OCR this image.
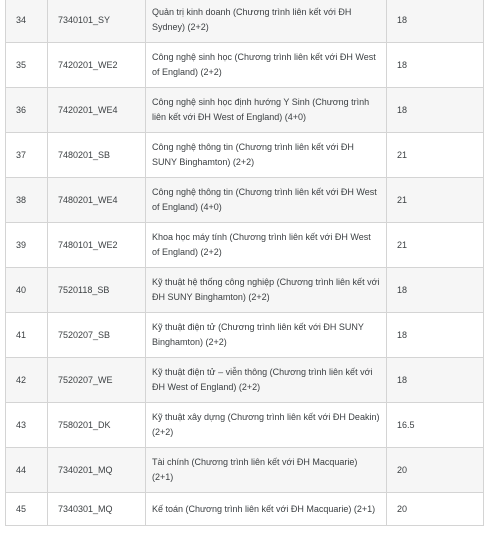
34	7340101_SY	Quản trị kinh doanh (Chương trình liên kết với ĐH Sydney) (2+2)	18
35	7420201_WE2	Công nghệ sinh học (Chương trình liên kết với ĐH West of England) (2+2)	18
36	7420201_WE4	Công nghệ sinh học định hướng Y Sinh (Chương trình liên kết với ĐH West of England) (4+0)	18
37	7480201_SB	Công nghệ thông tin (Chương trình liên kết với ĐH SUNY Binghamton) (2+2)	21
38	7480201_WE4	Công nghệ thông tin (Chương trình liên kết với ĐH West of England) (4+0)	21
39	7480101_WE2	Khoa học máy tính (Chương trình liên kết với ĐH West of England) (2+2)	21
40	7520118_SB	Kỹ thuật hệ thống công nghiệp (Chương trình liên kết với ĐH SUNY Binghamton) (2+2)	18
41	7520207_SB	Kỹ thuật điện tử (Chương trình liên kết với ĐH SUNY Binghamton) (2+2)	18
42	7520207_WE	Kỹ thuật điện tử – viễn thông (Chương trình liên kết với ĐH West of England) (2+2)	18
43	7580201_DK	Kỹ thuật xây dựng (Chương trình liên kết với ĐH Deakin) (2+2)	16.5
44	7340201_MQ	Tài chính (Chương trình liên kết với ĐH Macquarie) (2+1)	20
45	7340301_MQ	Kế toán (Chương trình liên kết với ĐH Macquarie) (2+1)	20
